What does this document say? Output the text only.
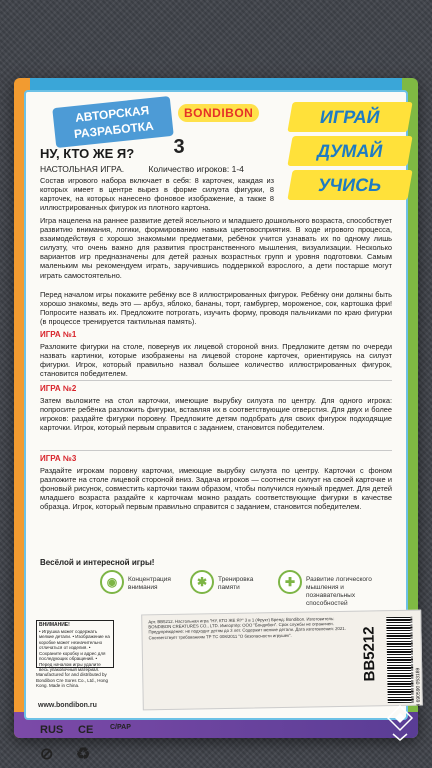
АВТОРСКАЯ РАЗРАБОТКА
BONDIBON	ИГРАЙ
ДУМАЙ
УЧИСЬ
НУ, КТО ЖЕ Я? 3
НАСТОЛЬНАЯ ИГРА.	Количество игроков: 1-4
Состав игрового набора включает в себя: 8 карточек, каждая из которых имеет в центре вырез в форме силуэта фигурки, 8 карточек, на которых нанесено фоновое изображение, а также 8 иллюстрированных фигурок из плотного картона.
Игра нацелена на раннее развитие детей ясельного и младшего дошкольного возраста, способствует развитию внимания, логики, формированию навыка цветовосприятия. В ходе игрового процесса, взаимодействуя с хорошо знакомыми предметами, ребёнок учится узнавать их по одному лишь силуэту, что очень важно для развития пространственного мышления, визуализации. Несколько вариантов игр предназначены для детей разных возрастных групп и уровня подготовки. Самым маленьким мы рекомендуем играть, заручившись поддержкой взрослого, а дети постарше могут играть самостоятельно.
Перед началом игры покажите ребёнку все 8 иллюстрированных фигурок. Ребёнку они должны быть хорошо знакомы, ведь это — арбуз, яблоко, бананы, торт, гамбургер, мороженое, сок, картошка фри! Попросите назвать их. Предложите потрогать, изучить форму, проводя пальчиками по краю фигурки (в процессе тренируется тактильная память).
ИГРА №1
Разложите фигурки на столе, повернув их лицевой стороной вниз. Предложите детям по очереди назвать картинки, которые изображены на лицевой стороне карточек, ориентируясь на силуэт фигурки. Игрок, который правильно назвал большее количество иллюстрированных фигурок, становится победителем.
ИГРА №2
Затем выложите на стол карточки, имеющие вырубку силуэта по центру. Для одного игрока: попросите ребёнка разложить фигурки, вставляя их в соответствующие отверстия. Для двух и более игроков: раздайте фигурки поровну. Предложите детям подобрать для своих фигурок подходящие карточки. Игрок, который первым справится с заданием, становится победителем.
ИГРА №3
Раздайте игрокам поровну карточки, имеющие вырубку силуэта по центру. Карточки с фоном разложите на столе лицевой стороной вниз. Задача игроков — соотнести силуэт на своей карточке и фоновый рисунок, совместить карточки таким образом, чтобы получился нужный предмет. Для детей младшего возраста раздайте к карточкам можно раздать соответствующие фигурки в качестве образца. Игрок, который первым правильно справится с заданием, становится победителем.
Весёлой и интересной игры!
◉	Концентрация внимания	✱	Тренировка памяти	✚	Развитие логического мышления и познавательных способностей
ВНИМАНИЕ!
• Игрушка может содержать мелкие детали. • Изображение на коробке может незначительно отличаться от изделия. • Сохраните коробку и адрес для последующих обращений. • Перед началом игры удалите весь упаковочный материал.
Manufactured for and distributed by Bondibon Cre Sores Co., Ltd., Hong Kong. Made in China.
www.bondibon.ru
RUS CE
⊘ ♻
C/PAP
Арт. BB5212. Настольная игра "НУ, КТО ЖЕ Я?" 3 в 1 (Фрукт) Бренд: Bondibon. Изготовитель: BONDIBON CREATURES CO., LTD. Импортёр: ООО "Бондибон". Срок службы не ограничен. Предупреждение: не подходит детям до 3 лет. Содержит мелкие детали. Дата изготовления: 2021. Соответствует требованиям ТР ТС 008/2011 "О безопасности игрушек".	BB5212
4 690590 053189
